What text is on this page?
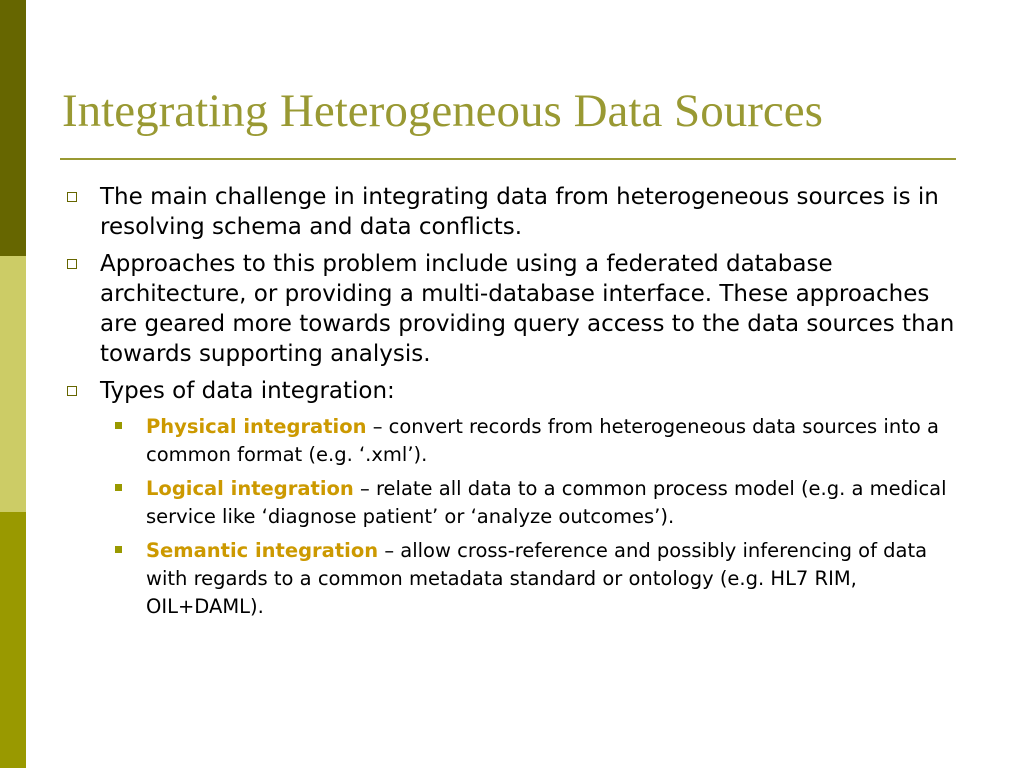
Integrating Heterogeneous Data Sources
The main challenge in integrating data from heterogeneous sources is in resolving schema and data conflicts.
Approaches to this problem include using a federated database architecture, or providing a multi-database interface. These approaches are geared more towards providing query access to the data sources than towards supporting analysis.
Types of data integration:
Physical integration – convert records from heterogeneous data sources into a common format (e.g. ‘.xml’).
Logical integration – relate all data to a common process model (e.g. a medical service like ‘diagnose patient’ or ‘analyze outcomes’).
Semantic integration – allow cross-reference and possibly inferencing of data with regards to a common metadata standard or ontology (e.g. HL7 RIM, OIL+DAML).
